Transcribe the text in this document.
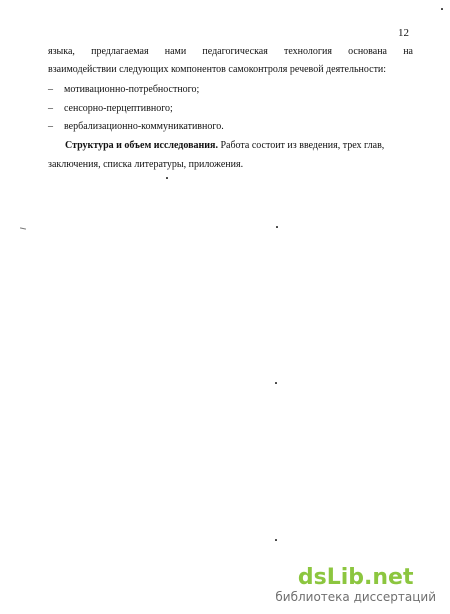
12
языка, предлагаемая нами педагогическая технология основана на
взаимодействии следующих компонентов самоконтроля речевой деятельности:
– мотивационно-потребностного;
– сенсорно-перцептивного;
– вербализационно-коммуникативного.
Структура и объем исследования. Работа состоит из введения, трех глав,
заключения, списка литературы, приложения.
dsLib.net
библиотека диссертаций
